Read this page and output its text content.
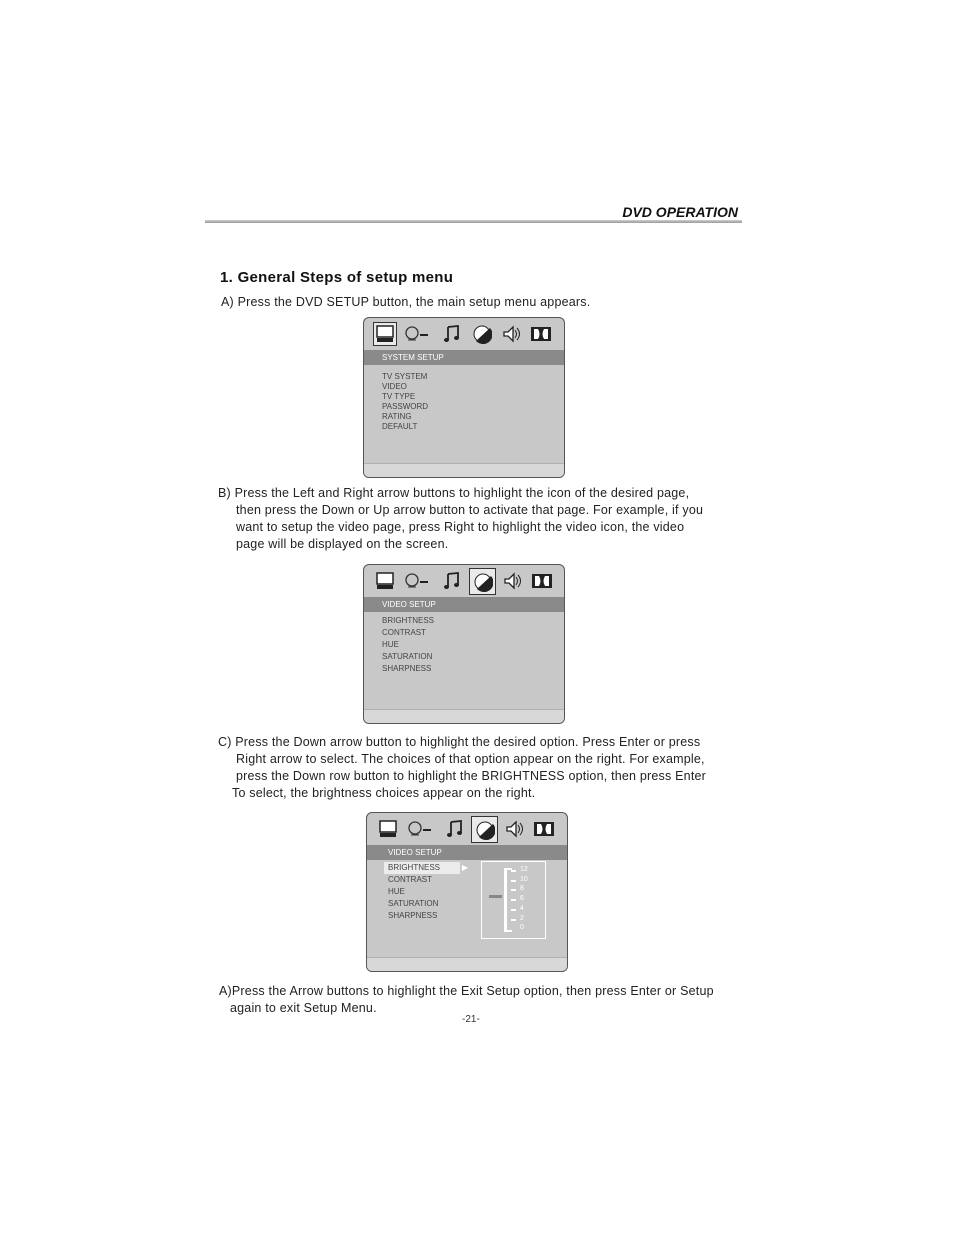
DVD OPERATION
1. General Steps of setup menu
A) Press the DVD SETUP button, the main setup menu appears.
SYSTEM SETUP
TV SYSTEM
VIDEO
TV TYPE
PASSWORD
RATING
DEFAULT
B) Press the Left and Right arrow buttons to highlight the icon of the desired page,
then press the Down or Up arrow button to activate that page. For example, if you
want to setup the video page, press Right to highlight the video icon, the video
page will be displayed on the screen.
VIDEO SETUP
BRIGHTNESS
CONTRAST
HUE
SATURATION
SHARPNESS
C) Press the Down arrow button to highlight the desired option. Press Enter or press
Right arrow to select. The choices of that option appear on the right. For example,
press the Down row button to highlight the BRIGHTNESS option, then press Enter
To select, the brightness choices appear on the right.
VIDEO SETUP
BRIGHTNESS	▶
CONTRAST
HUE
SATURATION
SHARPNESS
12
10
8
6
4
2
0
A)Press the Arrow buttons to highlight the Exit Setup option, then press Enter or Setup
again to exit Setup Menu.
-21-
